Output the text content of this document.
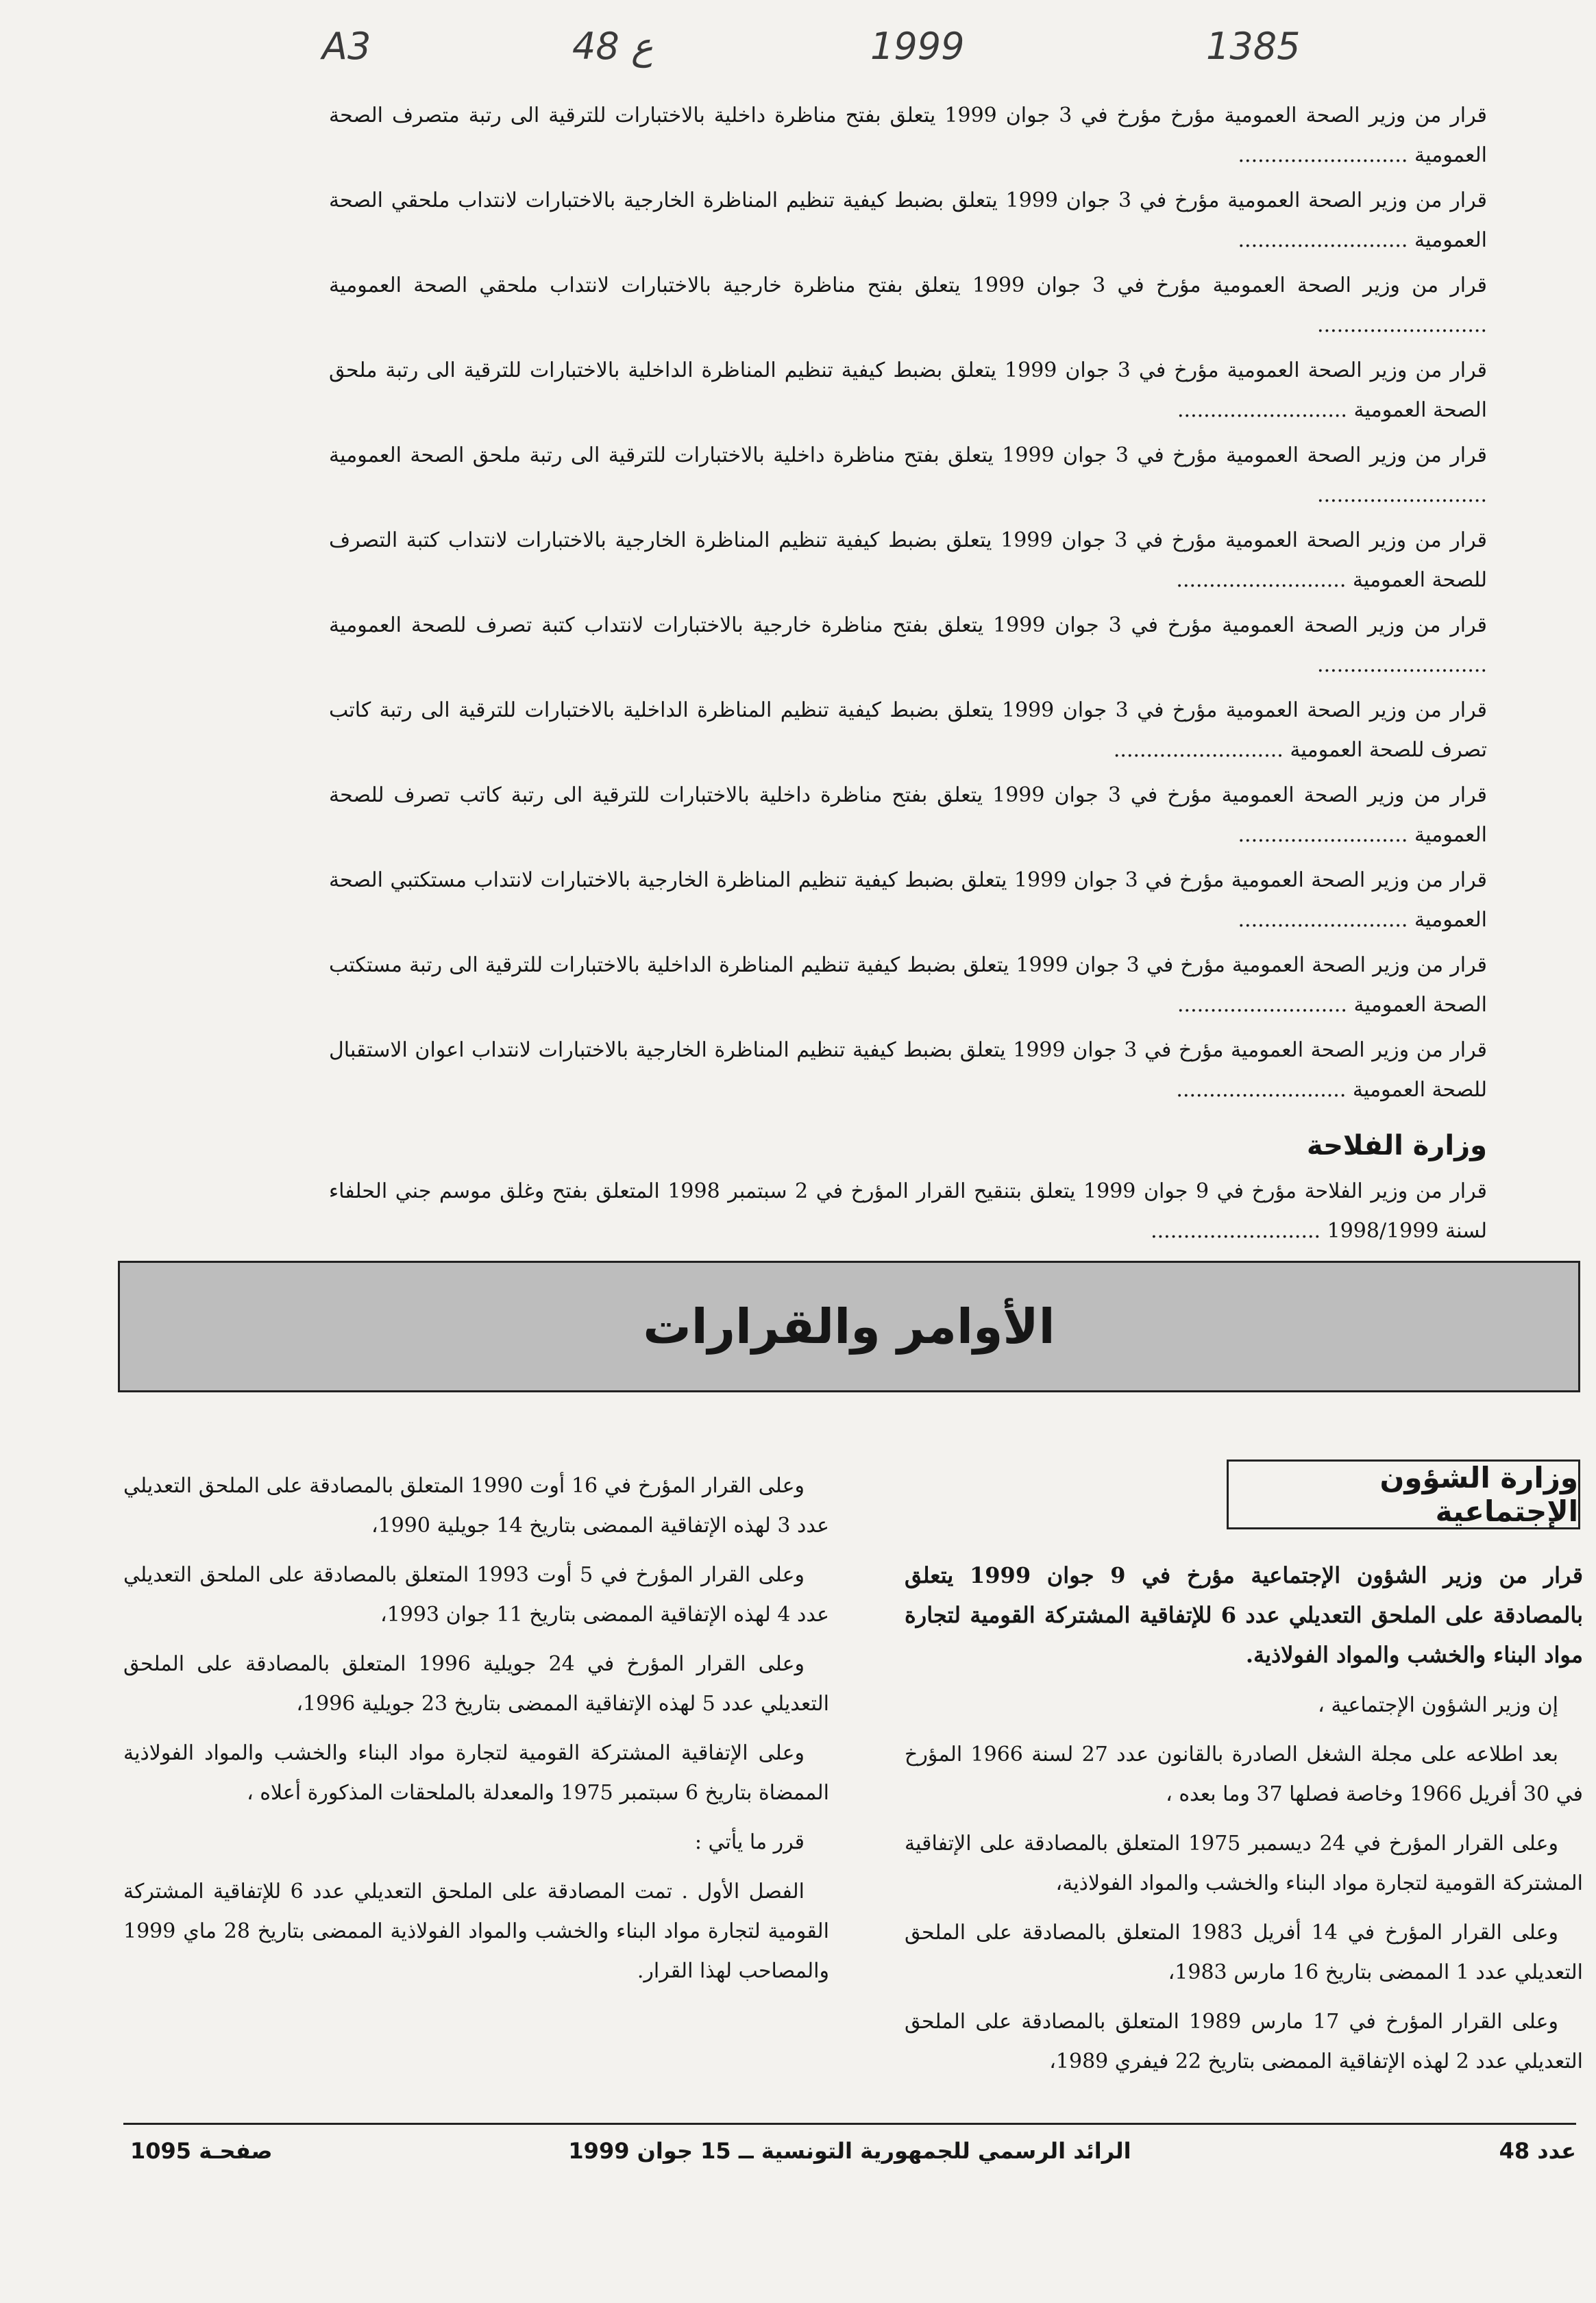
A3	48 ع	1999	1385
قرار من وزير الصحة العمومية مؤرخ مؤرخ في 3 جوان 1999 يتعلق بفتح مناظرة داخلية بالاختبارات للترقية الى رتبة متصرف الصحة العمومية ..........................
قرار من وزير الصحة العمومية مؤرخ في 3 جوان 1999 يتعلق بضبط كيفية تنظيم المناظرة الخارجية بالاختبارات لانتداب ملحقي الصحة العمومية ..........................
قرار من وزير الصحة العمومية مؤرخ في 3 جوان 1999 يتعلق بفتح مناظرة خارجية بالاختبارات لانتداب ملحقي الصحة العمومية ..........................
قرار من وزير الصحة العمومية مؤرخ في 3 جوان 1999 يتعلق بضبط كيفية تنظيم المناظرة الداخلية بالاختبارات للترقية الى رتبة ملحق الصحة العمومية ..........................
قرار من وزير الصحة العمومية مؤرخ في 3 جوان 1999 يتعلق بفتح مناظرة داخلية بالاختبارات للترقية الى رتبة ملحق الصحة العمومية ..........................
قرار من وزير الصحة العمومية مؤرخ في 3 جوان 1999 يتعلق بضبط كيفية تنظيم المناظرة الخارجية بالاختبارات لانتداب كتبة التصرف للصحة العمومية ..........................
قرار من وزير الصحة العمومية مؤرخ في 3 جوان 1999 يتعلق بفتح مناظرة خارجية بالاختبارات لانتداب كتبة تصرف للصحة العمومية ..........................
قرار من وزير الصحة العمومية مؤرخ في 3 جوان 1999 يتعلق بضبط كيفية تنظيم المناظرة الداخلية بالاختبارات للترقية الى رتبة كاتب تصرف للصحة العمومية ..........................
قرار من وزير الصحة العمومية مؤرخ في 3 جوان 1999 يتعلق بفتح مناظرة داخلية بالاختبارات للترقية الى رتبة كاتب تصرف للصحة العمومية ..........................
قرار من وزير الصحة العمومية مؤرخ في 3 جوان 1999 يتعلق بضبط كيفية تنظيم المناظرة الخارجية بالاختبارات لانتداب مستكتبي الصحة العمومية ..........................
قرار من وزير الصحة العمومية مؤرخ في 3 جوان 1999 يتعلق بضبط كيفية تنظيم المناظرة الداخلية بالاختبارات للترقية الى رتبة مستكتب الصحة العمومية ..........................
قرار من وزير الصحة العمومية مؤرخ في 3 جوان 1999 يتعلق بضبط كيفية تنظيم المناظرة الخارجية بالاختبارات لانتداب اعوان الاستقبال للصحة العمومية ..........................
وزارة الفلاحة
قرار من وزير الفلاحة مؤرخ في 9 جوان 1999 يتعلق بتنقيح القرار المؤرخ في 2 سبتمبر 1998 المتعلق بفتح وغلق موسم جني الحلفاء لسنة 1998/1999 ..........................
الأوامر والقرارات
وزارة الشؤون الإجتماعية
قرار من وزير الشؤون الإجتماعية مؤرخ في 9 جوان 1999 يتعلق بالمصادقة على الملحق التعديلي عدد 6 للإتفاقية المشتركة القومية لتجارة مواد البناء والخشب والمواد الفولاذية.
إن وزير الشؤون الإجتماعية ،
بعد اطلاعه على مجلة الشغل الصادرة بالقانون عدد 27 لسنة 1966 المؤرخ في 30 أفريل 1966 وخاصة فصلها 37 وما بعده ،
وعلى القرار المؤرخ في 24 ديسمبر 1975 المتعلق بالمصادقة على الإتفاقية المشتركة القومية لتجارة مواد البناء والخشب والمواد الفولاذية،
وعلى القرار المؤرخ في 14 أفريل 1983 المتعلق بالمصادقة على الملحق التعديلي عدد 1 الممضى بتاريخ 16 مارس 1983،
وعلى القرار المؤرخ في 17 مارس 1989 المتعلق بالمصادقة على الملحق التعديلي عدد 2 لهذه الإتفاقية الممضى بتاريخ 22 فيفري 1989،
وعلى القرار المؤرخ في 16 أوت 1990 المتعلق بالمصادقة على الملحق التعديلي عدد 3 لهذه الإتفاقية الممضى بتاريخ 14 جويلية 1990،
وعلى القرار المؤرخ في 5 أوت 1993 المتعلق بالمصادقة على الملحق التعديلي عدد 4 لهذه الإتفاقية الممضى بتاريخ 11 جوان 1993،
وعلى القرار المؤرخ في 24 جويلية 1996 المتعلق بالمصادقة على الملحق التعديلي عدد 5 لهذه الإتفاقية الممضى بتاريخ 23 جويلية 1996،
وعلى الإتفاقية المشتركة القومية لتجارة مواد البناء والخشب والمواد الفولاذية الممضاة بتاريخ 6 سبتمبر 1975 والمعدلة بالملحقات المذكورة أعلاه ،
قرر ما يأتي :
الفصل الأول . تمت المصادقة على الملحق التعديلي عدد 6 للإتفاقية المشتركة القومية لتجارة مواد البناء والخشب والمواد الفولاذية الممضى بتاريخ 28 ماي 1999 والمصاحب لهذا القرار.
صفحـة 1095	الرائد الرسمي للجمهورية التونسية ــ 15 جوان 1999	عدد 48
